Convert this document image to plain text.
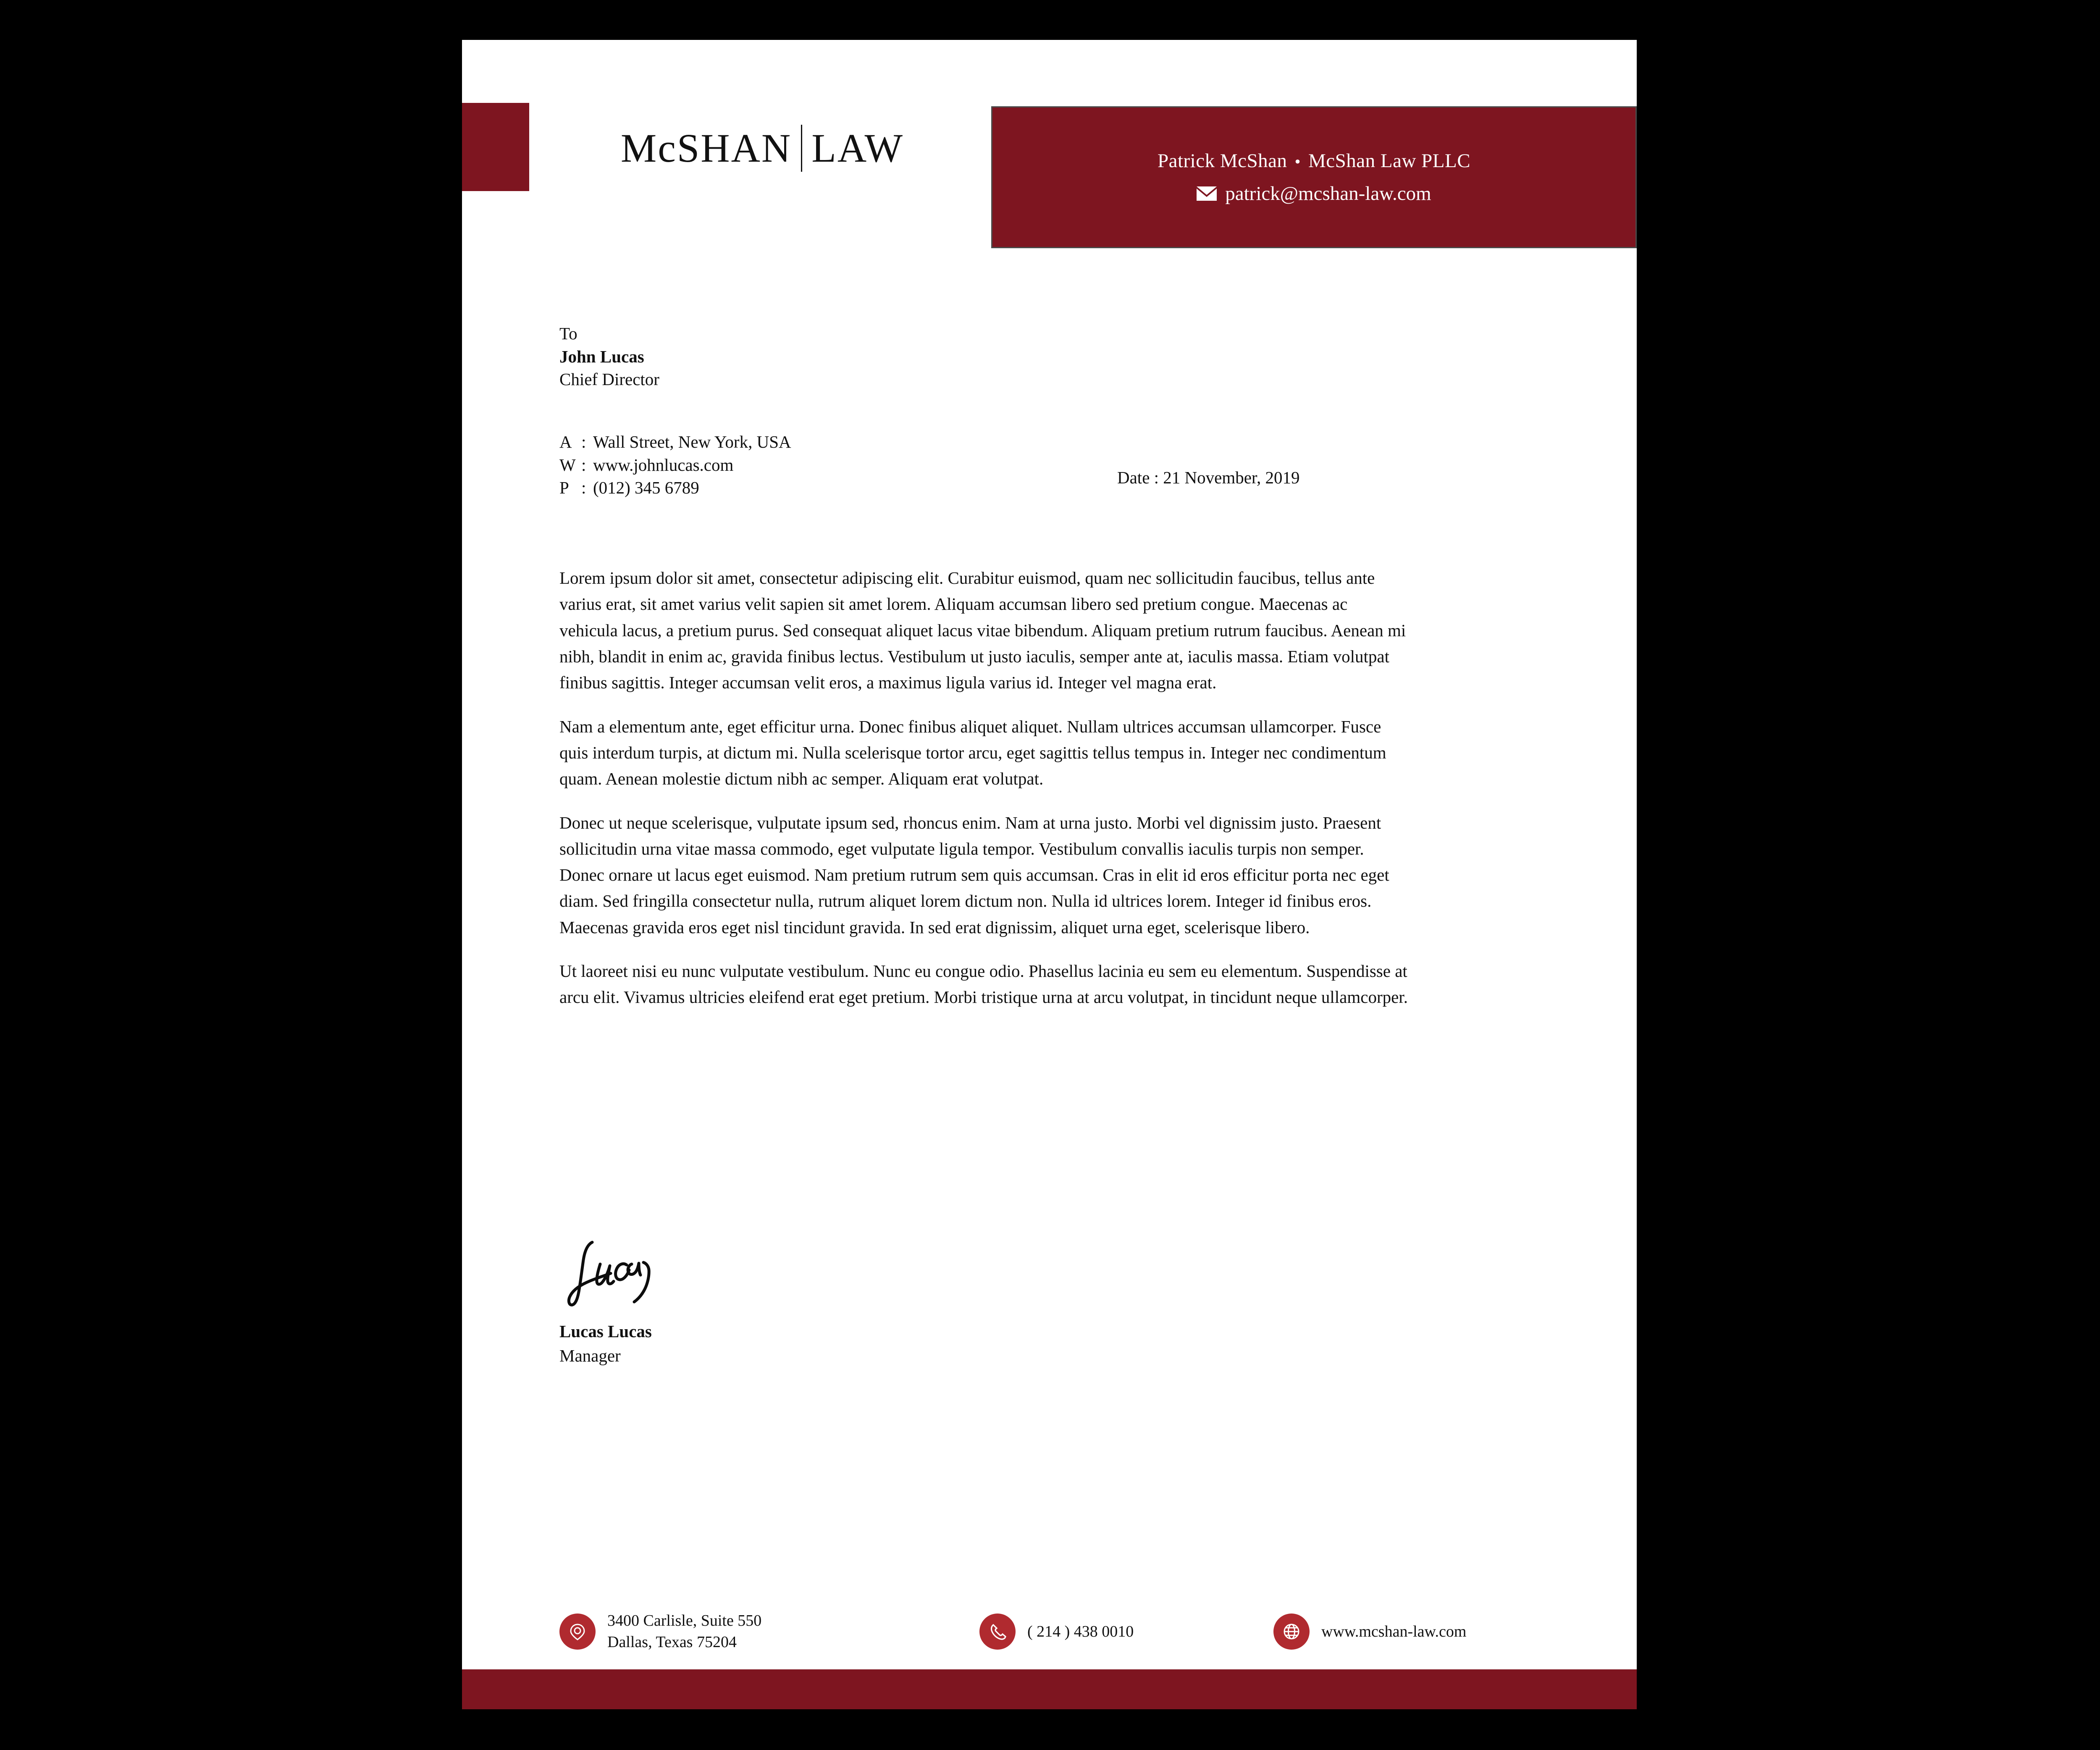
Mc SHAN LAW	Patrick McShan • McShan Law PLLC
patrick@mcshan-law.com
To
John Lucas
Chief Director
A : Wall Street, New York, USA
W : www.johnlucas.com
P : (012) 345 6789
Date : 21 November, 2019

Lorem ipsum dolor sit amet, consectetur adipiscing elit. Curabitur euismod, quam nec sollicitudin faucibus, tellus ante varius erat, sit amet varius velit sapien sit amet lorem. Aliquam accumsan libero sed pretium congue. Maecenas ac vehicula lacus, a pretium purus. Sed consequat aliquet lacus vitae bibendum. Aliquam pretium rutrum faucibus. Aenean mi nibh, blandit in enim ac, gravida finibus lectus. Vestibulum ut justo iaculis, semper ante at, iaculis massa. Etiam volutpat finibus sagittis. Integer accumsan velit eros, a maximus ligula varius id. Integer vel magna erat.

Nam a elementum ante, eget efficitur urna. Donec finibus aliquet aliquet. Nullam ultrices accumsan ullamcorper. Fusce quis interdum turpis, at dictum mi. Nulla scelerisque tortor arcu, eget sagittis tellus tempus in. Integer nec condimentum quam. Aenean molestie dictum nibh ac semper. Aliquam erat volutpat.

Donec ut neque scelerisque, vulputate ipsum sed, rhoncus enim. Nam at urna justo. Morbi vel dignissim justo. Praesent sollicitudin urna vitae massa commodo, eget vulputate ligula tempor. Vestibulum convallis iaculis turpis non semper. Donec ornare ut lacus eget euismod. Nam pretium rutrum sem quis accumsan. Cras in elit id eros efficitur porta nec eget diam. Sed fringilla consectetur nulla, rutrum aliquet lorem dictum non. Nulla id ultrices lorem. Integer id finibus eros. Maecenas gravida eros eget nisl tincidunt gravida. In sed erat dignissim, aliquet urna eget, scelerisque libero.

Ut laoreet nisi eu nunc vulputate vestibulum. Nunc eu congue odio. Phasellus lacinia eu sem eu elementum. Suspendisse at arcu elit. Vivamus ultricies eleifend erat eget pretium. Morbi tristique urna at arcu volutpat, in tincidunt neque ullamcorper.

Lucas Lucas
Manager
3400 Carlisle, Suite 550
Dallas, Texas 75204
( 214 ) 438 0010	www.mcshan-law.com
